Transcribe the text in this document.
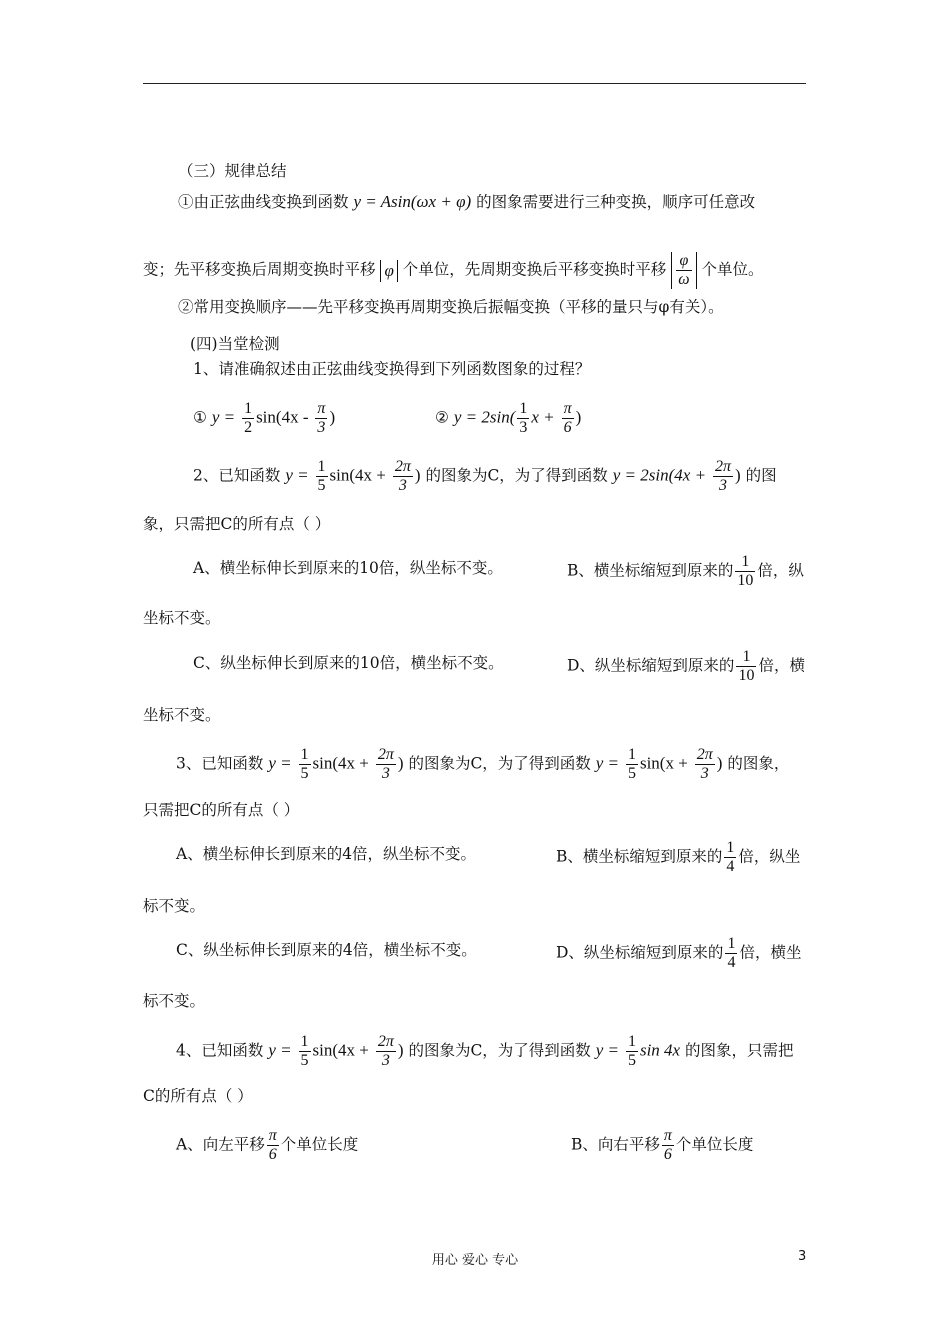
（三）规律总结
①由正弦曲线变换到函数 y = Asin(ωx + φ) 的图象需要进行三种变换，顺序可任意改
变；先平移变换后周期变换时平移 φ 个单位，先周期变换后平移变换时平移 $\frac{\varphi}{\omega}$ 个单位。
②常用变换顺序——先平移变换再周期变换后振幅变换（平移的量只与φ有关）。
(四)当堂检测
1、请准确叙述由正弦曲线变换得到下列函数图象的过程？
① $y = \frac{1}{2} \sin(4x - \frac{\pi}{3}$ )	② $y = 2\sin( \frac{1}{3}$ $x + \frac{\pi}{6}$ )
2、已知函数 $y = \frac{1}{5} \sin(4x + \frac{2\pi}{3}$ ) 的图象为C，为了得到函数 $y = 2\sin(4x + \frac{2\pi}{3}$ ) 的图
象，只需把C的所有点（ ）
A、横坐标伸长到原来的10倍，纵坐标不变。	B、横坐标缩短到原来的 $\frac{1}{10}$ 倍，纵
坐标不变。
C、纵坐标伸长到原来的10倍，横坐标不变。	D、纵坐标缩短到原来的 $\frac{1}{10}$ 倍，横
坐标不变。
3、已知函数 $y = \frac{1}{5} \sin(4x + \frac{2\pi}{3}$ ) 的图象为C，为了得到函数 $y = \frac{1}{5} \sin(x + \frac{2\pi}{3}$ ) 的图象，
只需把C的所有点（ ）
A、横坐标伸长到原来的4倍，纵坐标不变。	B、横坐标缩短到原来的 $\frac{1}{4}$ 倍，纵坐
标不变。
C、纵坐标伸长到原来的4倍，横坐标不变。	D、纵坐标缩短到原来的 $\frac{1}{4}$ 倍，横坐
标不变。
4、已知函数 $y = \frac{1}{5} \sin(4x + \frac{2\pi}{3}$ ) 的图象为C，为了得到函数 $y = \frac{1}{5}$ sin 4x 的图象，只需把
C的所有点（ ）
A、向左平移 $\frac{\pi}{6}$ 个单位长度	B、向右平移 $\frac{\pi}{6}$ 个单位长度
用心 爱心 专心	3
